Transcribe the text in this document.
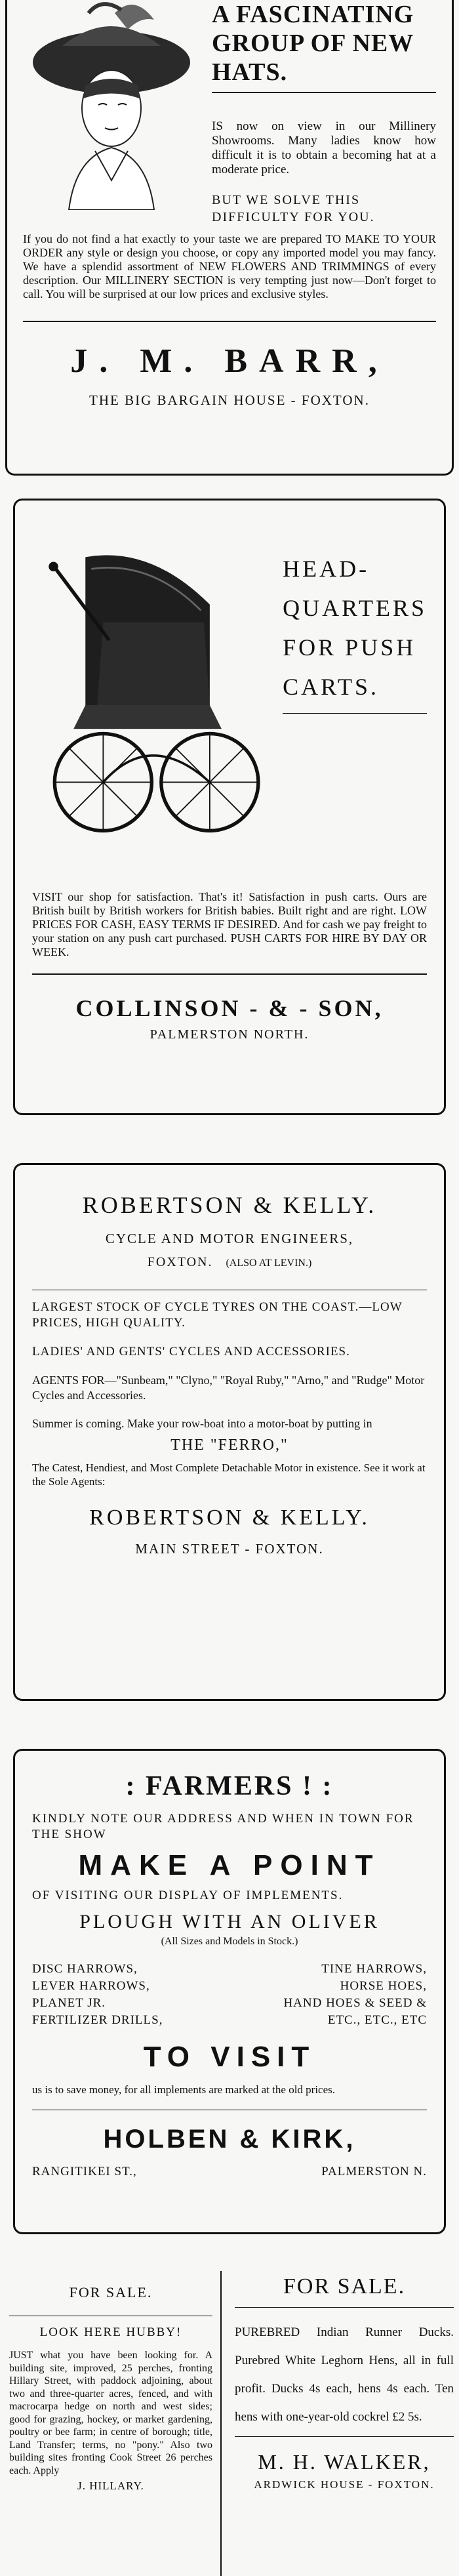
A FASCINATING GROUP OF NEW HATS.
IS now on view in our Millinery Showrooms. Many ladies know how difficult it is to obtain a becoming hat at a moderate price.
BUT WE SOLVE THIS DIFFICULTY FOR YOU.
If you do not find a hat exactly to your taste we are prepared TO MAKE TO YOUR ORDER any style or design you choose, or copy any imported model you may fancy. We have a splendid assortment of NEW FLOWERS AND TRIMMINGS of every description. Our MILLINERY SECTION is very tempting just now—Don't forget to call. You will be surprised at our low prices and exclusive styles.
J. M. BARR,
THE BIG BARGAIN HOUSE - FOXTON.
HEAD-QUARTERS FOR PUSH CARTS.
VISIT our shop for satisfaction. That's it! Satisfaction in push carts. Ours are British built by British workers for British babies. Built right and are right. LOW PRICES FOR CASH, EASY TERMS IF DESIRED. And for cash we pay freight to your station on any push cart purchased. PUSH CARTS FOR HIRE BY DAY OR WEEK.
COLLINSON - & - SON,
PALMERSTON NORTH.
ROBERTSON & KELLY.
CYCLE AND MOTOR ENGINEERS,
FOXTON. (ALSO AT LEVIN.)
LARGEST STOCK OF CYCLE TYRES ON THE COAST.—LOW PRICES, HIGH QUALITY.
LADIES' AND GENTS' CYCLES AND ACCESSORIES.
AGENTS FOR—"Sunbeam," "Clyno," "Royal Ruby," "Arno," and "Rudge" Motor Cycles and Accessories.
Summer is coming. Make your row-boat into a motor-boat by putting in
THE "FERRO,"
The Catest, Hendiest, and Most Complete Detachable Motor in existence. See it work at the Sole Agents:
ROBERTSON & KELLY.
MAIN STREET - FOXTON.
: FARMERS ! :
KINDLY NOTE OUR ADDRESS AND WHEN IN TOWN FOR THE SHOW
MAKE A POINT
OF VISITING OUR DISPLAY OF IMPLEMENTS.
PLOUGH WITH AN OLIVER
(All Sizes and Models in Stock.)
DISC HARROWS,
LEVER HARROWS,
PLANET JR.
FERTILIZER DRILLS,
TINE HARROWS,
HORSE HOES,
HAND HOES & SEED &
ETC., ETC., ETC
TO VISIT
us is to save money, for all implements are marked at the old prices.
HOLBEN & KIRK,
RANGITIKEI ST.,	PALMERSTON N.
FOR SALE.
LOOK HERE HUBBY!
JUST what you have been looking for. A building site, improved, 25 perches, fronting Hillary Street, with paddock adjoining, about two and three-quarter acres, fenced, and with macrocarpa hedge on north and west sides; good for grazing, hockey, or market gardening, poultry or bee farm; in centre of borough; title, Land Transfer; terms, no "pony." Also two building sites fronting Cook Street 26 perches each. Apply
J. HILLARY.
FOR SALE.
PUREBRED Indian Runner Ducks. Purebred White Leghorn Hens, all in full profit. Ducks 4s each, hens 4s each. Ten hens with one-year-old cockrel £2 5s.
M. H. WALKER,
ARDWICK HOUSE - FOXTON.
